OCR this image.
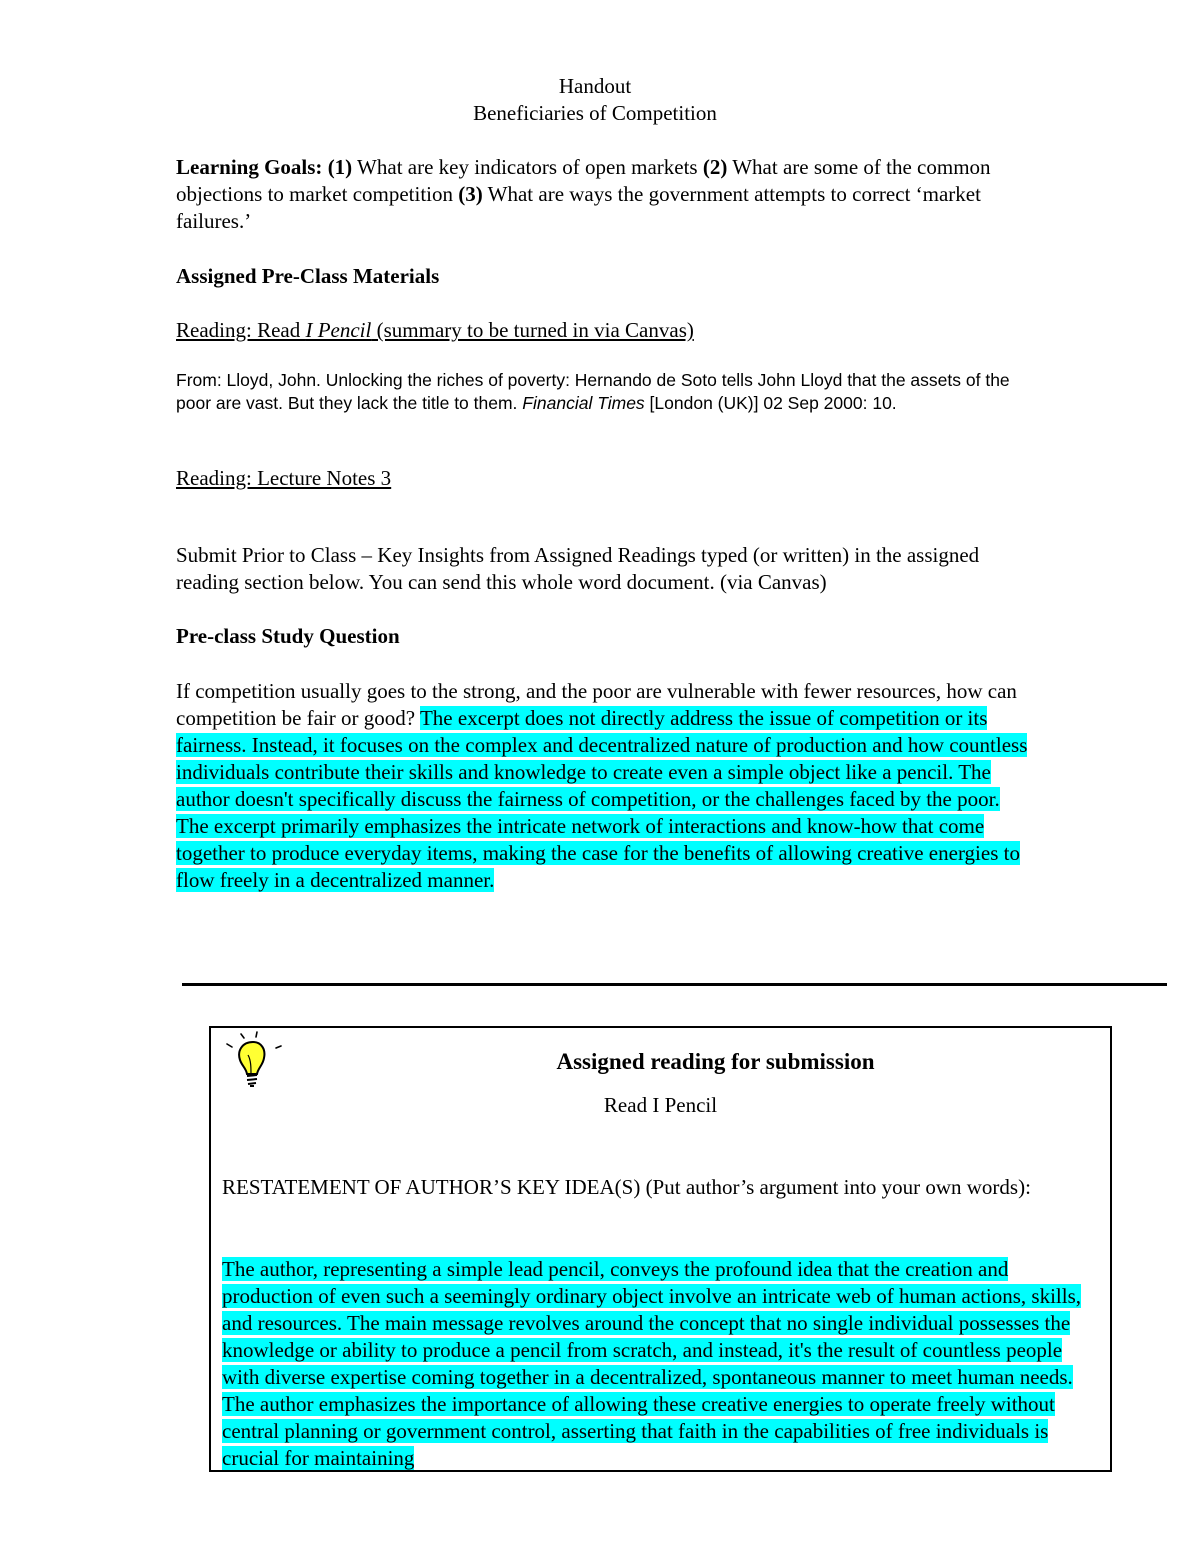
Handout
Beneficiaries of Competition
Learning Goals: (1) What are key indicators of open markets (2) What are some of the common objections to market competition (3) What are ways the government attempts to correct ‘market failures.’
Assigned Pre-Class Materials
Reading: Read I Pencil (summary to be turned in via Canvas)
From: Lloyd, John. Unlocking the riches of poverty: Hernando de Soto tells John Lloyd that the assets of the poor are vast. But they lack the title to them. Financial Times [London (UK)] 02 Sep 2000: 10.
Reading: Lecture Notes 3
Submit Prior to Class – Key Insights from Assigned Readings typed (or written) in the assigned reading section below. You can send this whole word document. (via Canvas)
Pre-class Study Question
If competition usually goes to the strong, and the poor are vulnerable with fewer resources, how can competition be fair or good? The excerpt does not directly address the issue of competition or its fairness. Instead, it focuses on the complex and decentralized nature of production and how countless individuals contribute their skills and knowledge to create even a simple object like a pencil. The author doesn't specifically discuss the fairness of competition, or the challenges faced by the poor. The excerpt primarily emphasizes the intricate network of interactions and know-how that come together to produce everyday items, making the case for the benefits of allowing creative energies to flow freely in a decentralized manner.
Assigned reading for submission
Read I Pencil
RESTATEMENT OF AUTHOR’S KEY IDEA(S) (Put author’s argument into your own words):
The author, representing a simple lead pencil, conveys the profound idea that the creation and production of even such a seemingly ordinary object involve an intricate web of human actions, skills, and resources. The main message revolves around the concept that no single individual possesses the knowledge or ability to produce a pencil from scratch, and instead, it's the result of countless people with diverse expertise coming together in a decentralized, spontaneous manner to meet human needs. The author emphasizes the importance of allowing these creative energies to operate freely without central planning or government control, asserting that faith in the capabilities of free individuals is crucial for maintaining
